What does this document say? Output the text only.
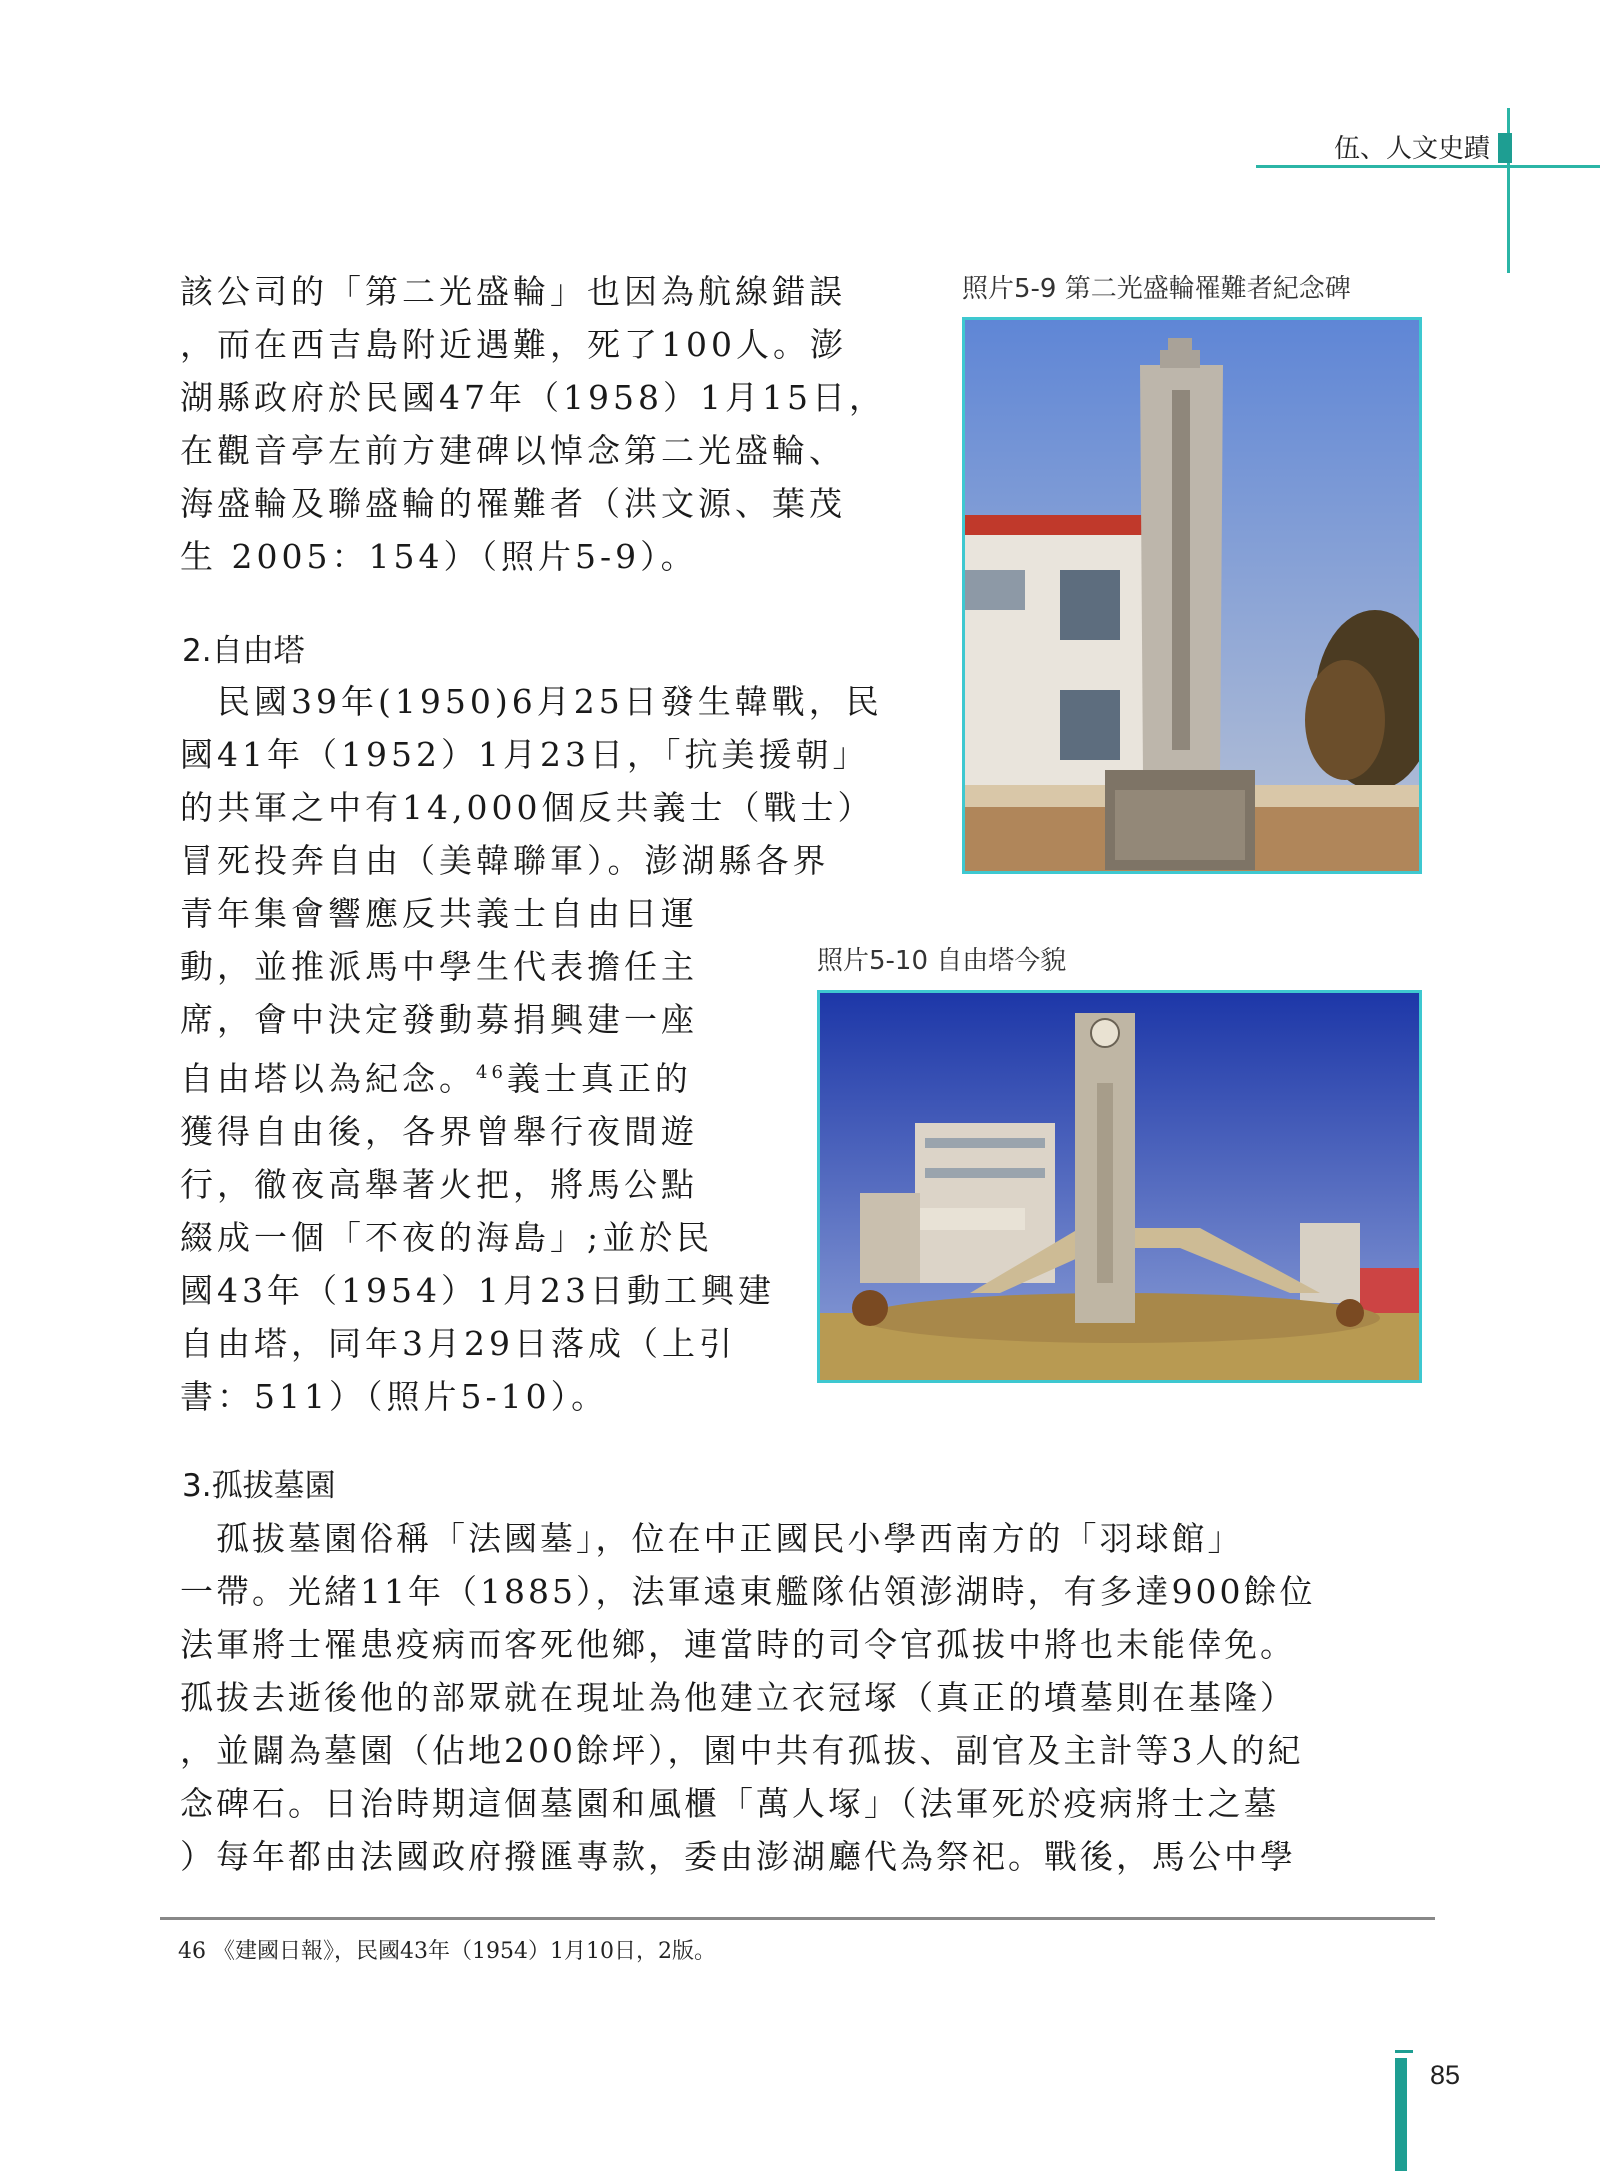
伍、人文史蹟
該公司的「第二光盛輪」也因為航線錯誤
，而在西吉島附近遇難，死了100人。澎
湖縣政府於民國47年（1958）1月15日，
在觀音亭左前方建碑以悼念第二光盛輪、
海盛輪及聯盛輪的罹難者（洪文源、葉茂
生 2005：154）（照片5-9）。
照片5-9 第二光盛輪罹難者紀念碑
2.自由塔
　民國39年(1950)6月25日發生韓戰，民
國41年（1952）1月23日，「抗美援朝」
的共軍之中有14,000個反共義士（戰士）
冒死投奔自由（美韓聯軍）。澎湖縣各界
青年集會響應反共義士自由日運
動，並推派馬中學生代表擔任主
席，會中決定發動募捐興建一座
自由塔以為紀念。$^{46}$義士真正的
獲得自由後，各界曾舉行夜間遊
行，徹夜高舉著火把，將馬公點
綴成一個「不夜的海島」;並於民
國43年（1954）1月23日動工興建
自由塔，同年3月29日落成（上引
書：511）（照片5-10）。
照片5-10 自由塔今貌
3.孤拔墓園
　孤拔墓園俗稱「法國墓」，位在中正國民小學西南方的「羽球館」
一帶。光緒11年（1885），法軍遠東艦隊佔領澎湖時，有多達900餘位
法軍將士罹患疫病而客死他鄉，連當時的司令官孤拔中將也未能倖免。
孤拔去逝後他的部眾就在現址為他建立衣冠塚（真正的墳墓則在基隆）
，並闢為墓園（佔地200餘坪），園中共有孤拔、副官及主計等3人的紀
念碑石。日治時期這個墓園和風櫃「萬人塚」（法軍死於疫病將士之墓
）每年都由法國政府撥匯專款，委由澎湖廳代為祭祀。戰後，馬公中學
46 《建國日報》，民國43年（1954）1月10日，2版。
85
